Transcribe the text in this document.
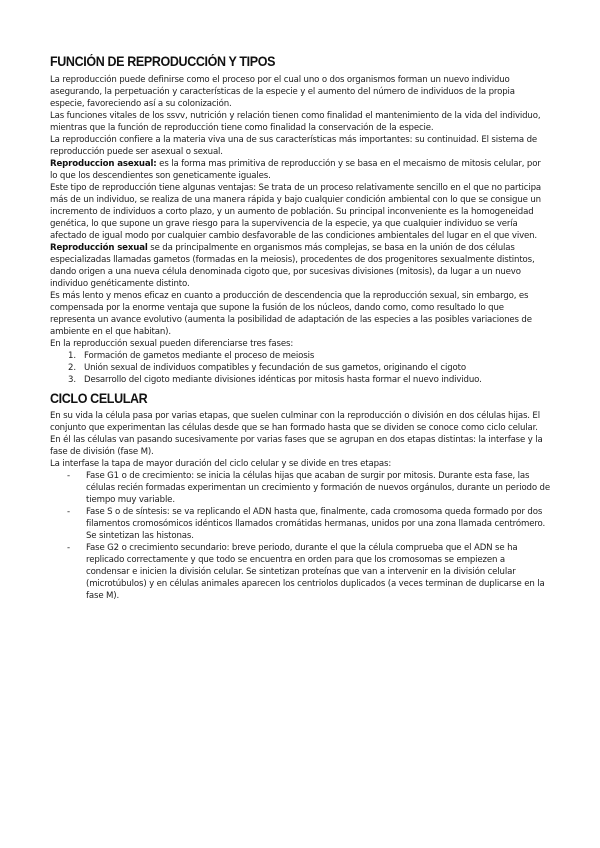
FUNCIÓN DE REPRODUCCIÓN Y TIPOS

La reproducción puede definirse como el proceso por el cual uno o dos organismos forman un nuevo individuo asegurando, la perpetuación y características de la especie y el aumento del número de individuos de la propia especie, favoreciendo así a su colonización.

Las funciones vitales de los ssvv, nutrición y relación tienen como finalidad el mantenimiento de la vida del individuo, mientras que la función de reproducción tiene como finalidad la conservación de la especie.

La reproducción confiere a la materia viva una de sus características más importantes: su continuidad. El sistema de reproducción puede ser asexual o sexual.

Reproduccion asexual: es la forma mas primitiva de reproducción y se basa en el mecaismo de mitosis celular, por lo que los descendientes son geneticamente iguales.

Este tipo de reproducción tiene algunas ventajas: Se trata de un proceso relativamente sencillo en el que no participa más de un individuo, se realiza de una manera rápida y bajo cualquier condición ambiental con lo que se consigue un incremento de individuos a corto plazo, y un aumento de población. Su principal inconveniente es la homogeneidad genética, lo que supone un grave riesgo para la supervivencia de la especie, ya que cualquier individuo se vería afectado de igual modo por cualquier cambio desfavorable de las condiciones ambientales del lugar en el que viven.

Reproducción sexual se da principalmente en organismos más complejas, se basa en la unión de dos células especializadas llamadas gametos (formadas en la meiosis), procedentes de dos progenitores sexualmente distintos, dando origen a una nueva célula denominada cigoto que, por sucesivas divisiones (mitosis), da lugar a un nuevo individuo genéticamente distinto.

Es más lento y menos eficaz en cuanto a producción de descendencia que la reproducción sexual, sin embargo, es compensada por la enorme ventaja que supone la fusión de los núcleos, dando como, como resultado lo que representa un avance evolutivo (aumenta la posibilidad de adaptación de las especies a las posibles variaciones de ambiente en el que habitan).

En la reproducción sexual pueden diferenciarse tres fases:

1. Formación de gametos mediante el proceso de meiosis
2. Unión sexual de individuos compatibles y fecundación de sus gametos, originando el cigoto
3. Desarrollo del cigoto mediante divisiones idénticas por mitosis hasta formar el nuevo individuo.
CICLO CELULAR

En su vida la célula pasa por varias etapas, que suelen culminar con la reproducción o división en dos células hijas. El conjunto que experimentan las células desde que se han formado hasta que se dividen se conoce como ciclo celular.

En él las células van pasando sucesivamente por varias fases que se agrupan en dos etapas distintas: la interfase y la fase de división (fase M).

La interfase la tapa de mayor duración del ciclo celular y se divide en tres etapas:

- Fase G1 o de crecimiento: se inicia la células hijas que acaban de surgir por mitosis. Durante esta fase, las células recién formadas experimentan un crecimiento y formación de nuevos orgánulos, durante un periodo de tiempo muy variable.
- Fase S o de síntesis: se va replicando el ADN hasta que, finalmente, cada cromosoma queda formado por dos filamentos cromosómicos idénticos llamados cromátidas hermanas, unidos por una zona llamada centrómero. Se sintetizan las histonas.
- Fase G2 o crecimiento secundario: breve periodo, durante el que la célula comprueba que el ADN se ha replicado correctamente y que todo se encuentra en orden para que los cromosomas se empiezen a condensar e inicien la división celular. Se sintetizan proteínas que van a intervenir en la división celular (microtúbulos) y en células animales aparecen los centriolos duplicados (a veces terminan de duplicarse en la fase M).
